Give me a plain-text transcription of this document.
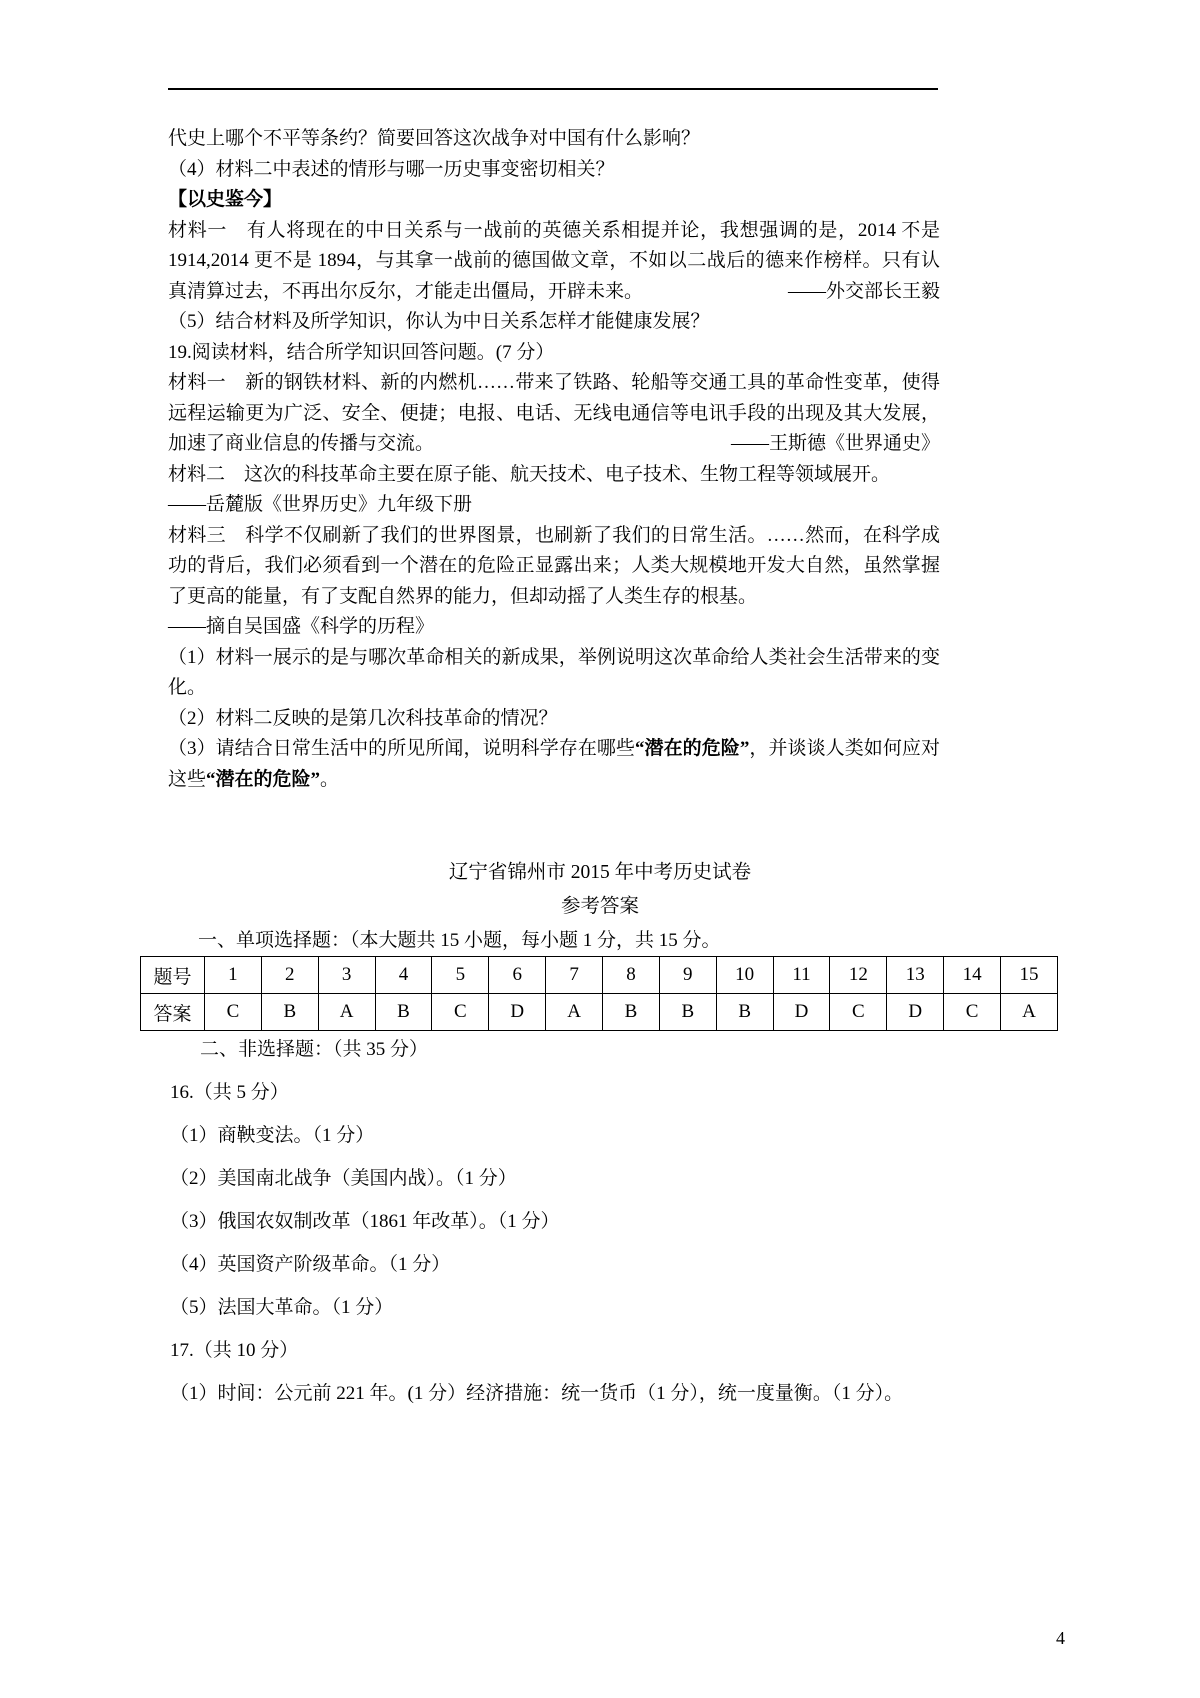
代史上哪个不平等条约？简要回答这次战争对中国有什么影响？

（4）材料二中表述的情形与哪一历史事变密切相关？

【以史鉴今】

材料一　有人将现在的中日关系与一战前的英德关系相提并论，我想强调的是，2014 不是 1914,2014 更不是 1894，与其拿一战前的德国做文章，不如以二战后的德来作榜样。只有认真清算过去，不再出尔反尔，才能走出僵局，开辟未来。	——外交部长王毅

（5）结合材料及所学知识，你认为中日关系怎样才能健康发展？

19.阅读材料，结合所学知识回答问题。(7 分）

材料一　新的钢铁材料、新的内燃机……带来了铁路、轮船等交通工具的革命性变革，使得远程运输更为广泛、安全、便捷；电报、电话、无线电通信等电讯手段的出现及其大发展，加速了商业信息的传播与交流。	——王斯德《世界通史》

材料二　这次的科技革命主要在原子能、航天技术、电子技术、生物工程等领域展开。

——岳麓版《世界历史》九年级下册

材料三　科学不仅刷新了我们的世界图景，也刷新了我们的日常生活。……然而，在科学成功的背后，我们必须看到一个潜在的危险正显露出来；人类大规模地开发大自然，虽然掌握了更高的能量，有了支配自然界的能力，但却动摇了人类生存的根基。

——摘自吴国盛《科学的历程》

（1）材料一展示的是与哪次革命相关的新成果，举例说明这次革命给人类社会生活带来的变化。

（2）材料二反映的是第几次科技革命的情况？

（3）请结合日常生活中的所见所闻，说明科学存在哪些“潜在的危险”，并谈谈人类如何应对这些“潜在的危险”。

辽宁省锦州市 2015 年中考历史试卷
参考答案
一、单项选择题：（本大题共 15 小题，每小题 1 分，共 15 分。
题号	1	2	3	4	5	6	7	8	9	10	11	12	13	14	15
答案	C	B	A	B	C	D	A	B	B	B	D	C	D	C	A

二、非选择题：（共 35 分）

16.（共 5 分）

（1）商鞅变法。（1 分）

（2）美国南北战争（美国内战）。（1 分）

（3）俄国农奴制改革（1861 年改革）。（1 分）

（4）英国资产阶级革命。（1 分）

（5）法国大革命。（1 分）

17.（共 10 分）

（1）时间：公元前 221 年。(1 分）经济措施：统一货币（1 分），统一度量衡。（1 分）。

4
